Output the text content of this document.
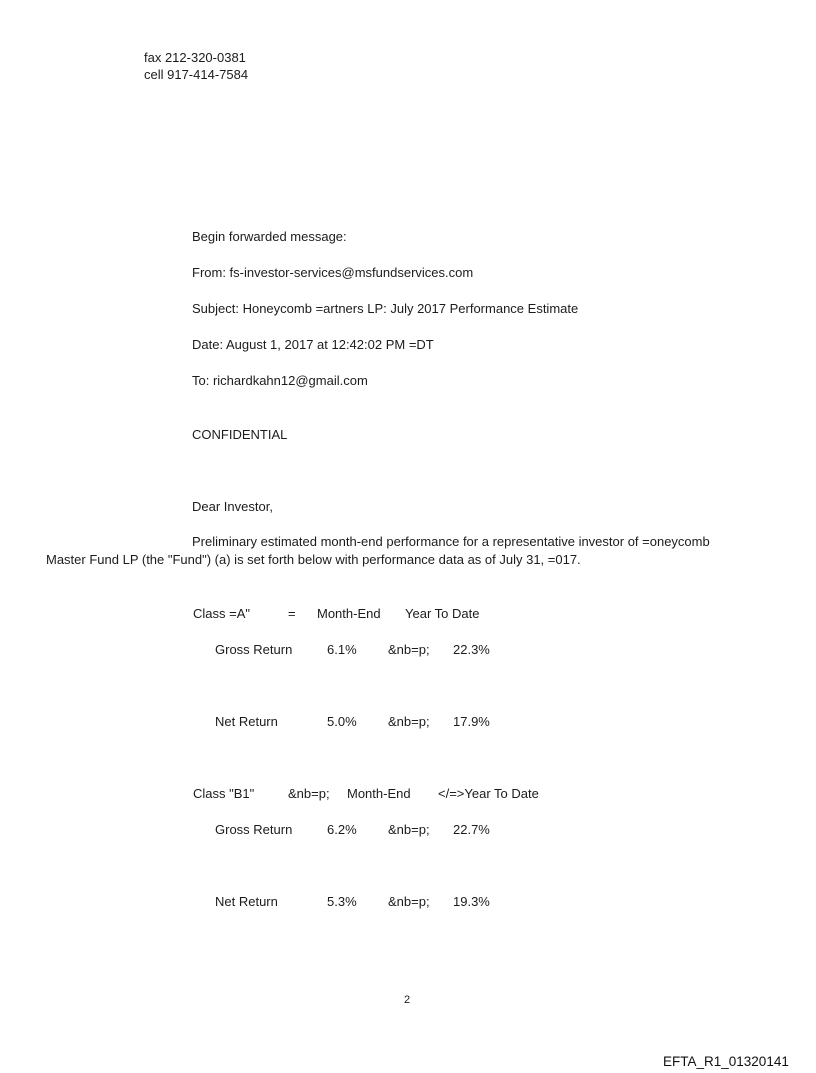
fax 212-320-0381
cell 917-414-7584
Begin forwarded message:
From: fs-investor-services@msfundservices.com
Subject: Honeycomb =artners LP: July 2017 Performance Estimate
Date: August 1, 2017 at 12:42:02 PM =DT
To: richardkahn12@gmail.com
CONFIDENTIAL
Dear Investor,
Preliminary estimated month-end performance for a representative investor of =oneycomb
Master Fund LP (the "Fund") (a) is set forth below with performance data as of July 31, =017.
Class =A"	= Month-End Year To Date
Gross Return	6.1% &nb=p; 22.3%
Net Return	5.0% &nb=p; 17.9%
Class "B1"	&nb=p; Month-End </=>Year To Date
Gross Return	6.2% &nb=p; 22.7%
Net Return	5.3% &nb=p; 19.3%
2
EFTA_R1_01320141
